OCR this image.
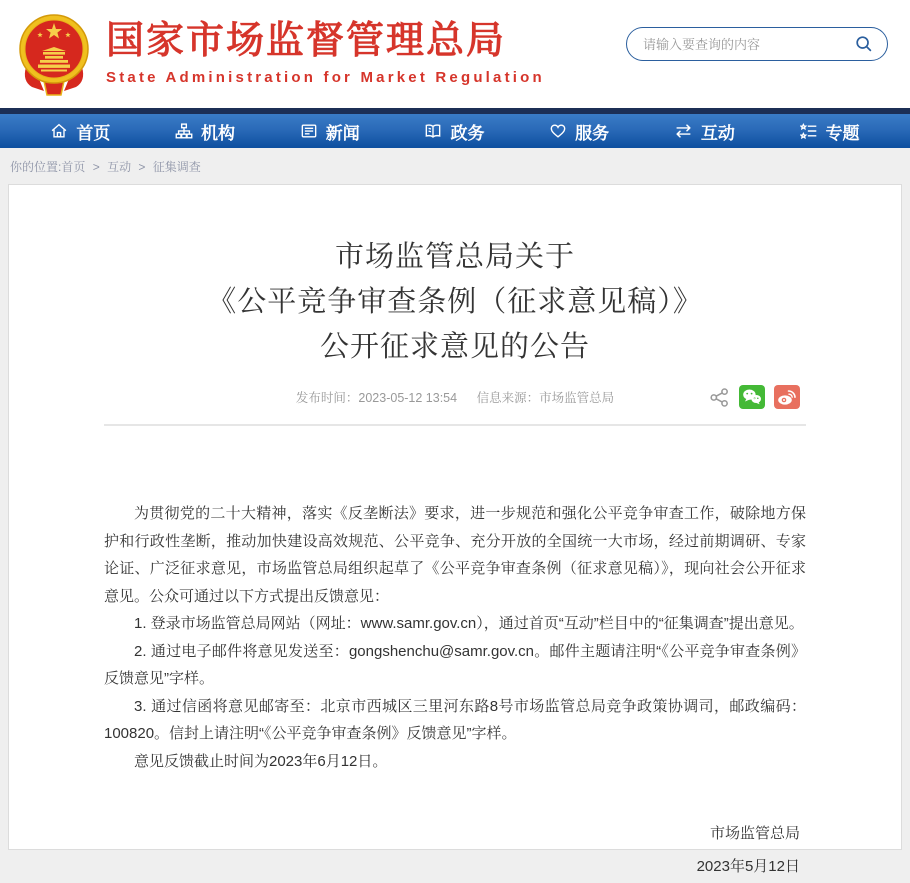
国家市场监督管理总局
State Administration for Market Regulation
请输入要查询的内容
首页	机构	新闻	政务	服务	互动	专题
你的位置:首页 > 互动 > 征集调查
市场监管总局关于
《公平竞争审查条例（征求意见稿）》
公开征求意见的公告
发布时间：2023-05-12 13:54 信息来源：市场监管总局

为贯彻党的二十大精神，落实《反垄断法》要求，进一步规范和强化公平竞争审查工作，破除地方保护和行政性垄断，推动加快建设高效规范、公平竞争、充分开放的全国统一大市场，经过前期调研、专家论证、广泛征求意见，市场监管总局组织起草了《公平竞争审查条例（征求意见稿）》，现向社会公开征求意见。公众可通过以下方式提出反馈意见：

1. 登录市场监管总局网站（网址：www.samr.gov.cn），通过首页“互动”栏目中的“征集调查”提出意见。

2. 通过电子邮件将意见发送至：gongshenchu@samr.gov.cn。邮件主题请注明“《公平竞争审查条例》反馈意见”字样。

3. 通过信函将意见邮寄至：北京市西城区三里河东路8号市场监管总局竞争政策协调司，邮政编码：100820。信封上请注明“《公平竞争审查条例》反馈意见”字样。

意见反馈截止时间为2023年6月12日。

市场监管总局
2023年5月12日
